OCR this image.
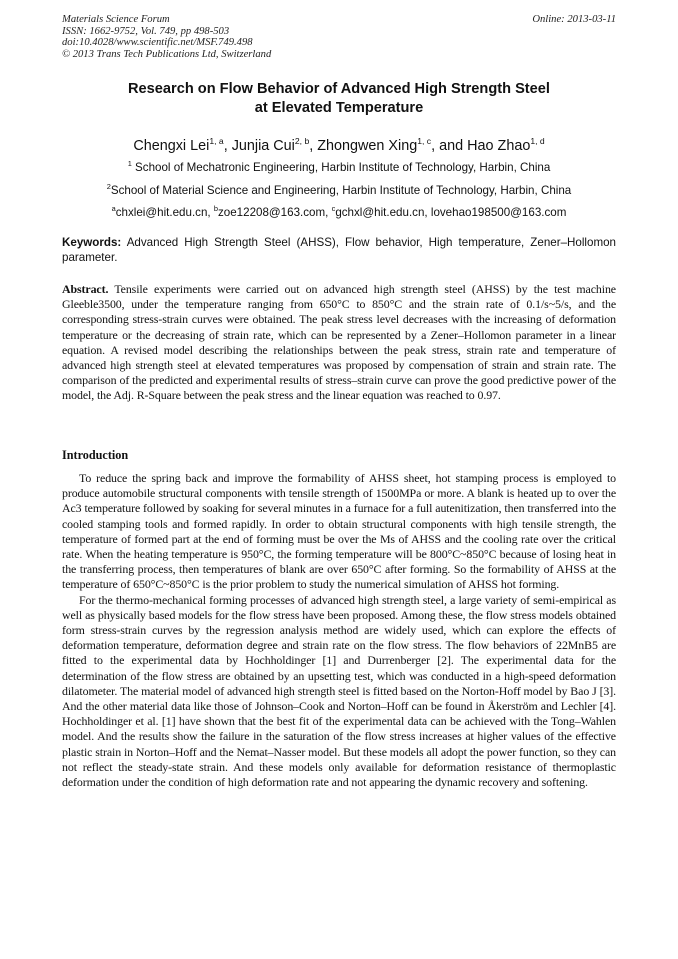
Materials Science Forum
ISSN: 1662-9752, Vol. 749, pp 498-503
doi:10.4028/www.scientific.net/MSF.749.498
© 2013 Trans Tech Publications Ltd, Switzerland
Online: 2013-03-11
Research on Flow Behavior of Advanced High Strength Steel
at Elevated Temperature
Chengxi Lei$^{1, a}$, Junjia Cui$^{2, b}$, Zhongwen Xing$^{1, c}$, and Hao Zhao$^{1, d}$
$^1$ School of Mechatronic Engineering, Harbin Institute of Technology, Harbin, China
$^2$School of Material Science and Engineering, Harbin Institute of Technology, Harbin, China
$^a$chxlei@hit.edu.cn, $^b$zoe12208@163.com, $^c$gchxl@hit.edu.cn, lovehao198500@163.com
Keywords: Advanced High Strength Steel (AHSS), Flow behavior, High temperature, Zener–Hollomon parameter.

Abstract. Tensile experiments were carried out on advanced high strength steel (AHSS) by the test machine Gleeble3500, under the temperature ranging from 650°C to 850°C and the strain rate of 0.1/s~5/s, and the corresponding stress-strain curves were obtained. The peak stress level decreases with the increasing of deformation temperature or the decreasing of strain rate, which can be represented by a Zener–Hollomon parameter in a linear equation. A revised model describing the relationships between the peak stress, strain rate and temperature of advanced high strength steel at elevated temperatures was proposed by compensation of strain and strain rate. The comparison of the predicted and experimental results of stress–strain curve can prove the good predictive power of the model, the Adj. R-Square between the peak stress and the linear equation was reached to 0.97.

Introduction

To reduce the spring back and improve the formability of AHSS sheet, hot stamping process is employed to produce automobile structural components with tensile strength of 1500MPa or more. A blank is heated up to over the Ac3 temperature followed by soaking for several minutes in a furnace for a full autenitization, then transferred into the cooled stamping tools and formed rapidly. In order to obtain structural components with high tensile strength, the temperature of formed part at the end of forming must be over the Ms of AHSS and the cooling rate over the critical rate. When the heating temperature is 950°C, the forming temperature will be 800°C~850°C because of losing heat in the transferring process, then temperatures of blank are over 650°C after forming. So the formability of AHSS at the temperature of 650°C~850°C is the prior problem to study the numerical simulation of AHSS hot forming.

For the thermo-mechanical forming processes of advanced high strength steel, a large variety of semi-empirical as well as physically based models for the flow stress have been proposed. Among these, the flow stress models obtained form stress-strain curves by the regression analysis method are widely used, which can explore the effects of deformation temperature, deformation degree and strain rate on the flow stress. The flow behaviors of 22MnB5 are fitted to the experimental data by Hochholdinger [1] and Durrenberger [2]. The experimental data for the determination of the flow stress are obtained by an upsetting test, which was conducted in a high-speed deformation dilatometer. The material model of advanced high strength steel is fitted based on the Norton-Hoff model by Bao J [3]. And the other material data like those of Johnson–Cook and Norton–Hoff can be found in Åkerström and Lechler [4]. Hochholdinger et al. [1] have shown that the best fit of the experimental data can be achieved with the Tong–Wahlen model. And the results show the failure in the saturation of the flow stress increases at higher values of the effective plastic strain in Norton–Hoff and the Nemat–Nasser model. But these models all adopt the power function, so they can not reflect the steady-state strain. And these models only available for deformation resistance of thermoplastic deformation under the condition of high deformation rate and not appearing the dynamic recovery and softening.
